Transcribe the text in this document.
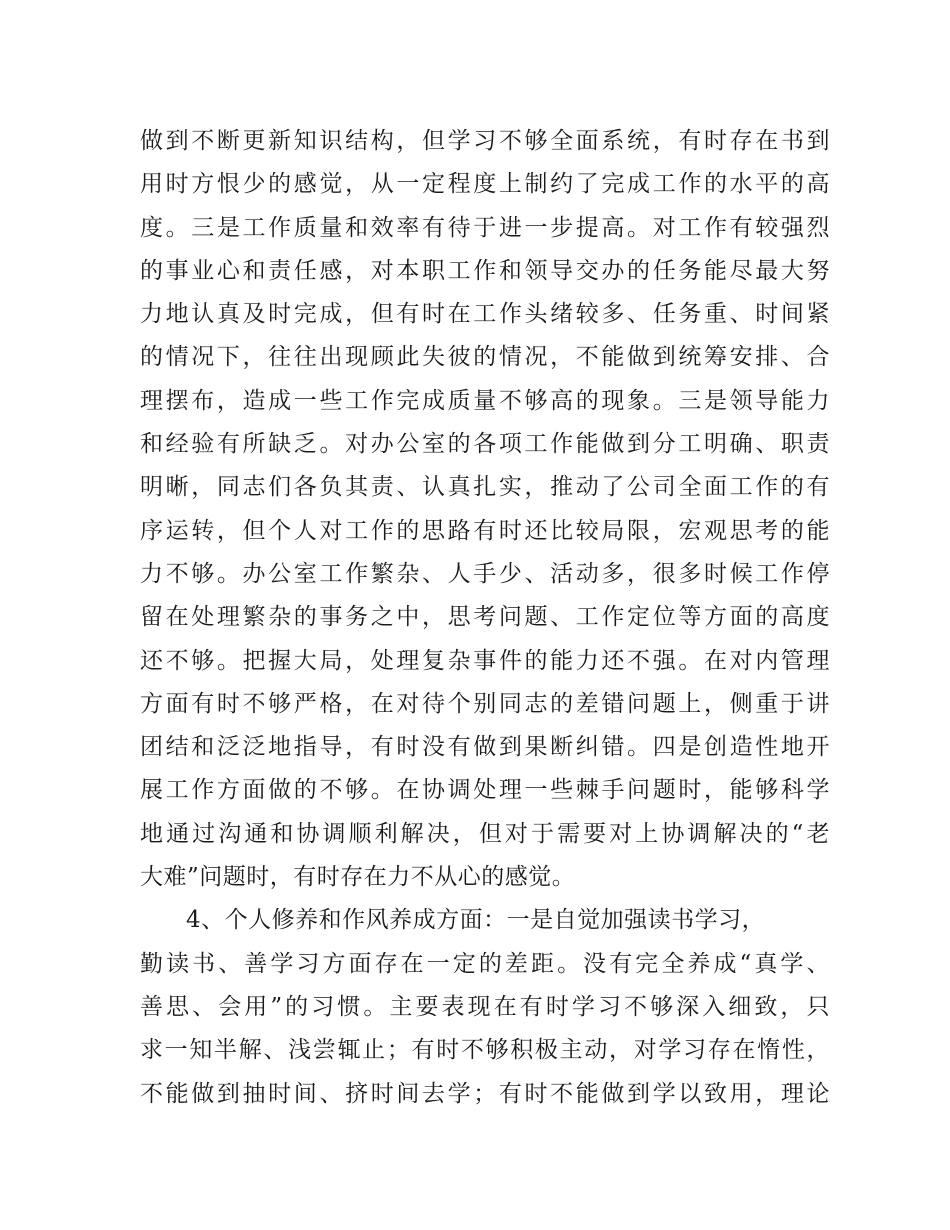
做到不断更新知识结构，但学习不够全面系统，有时存在书到
用时方恨少的感觉，从一定程度上制约了完成工作的水平的高
度。三是工作质量和效率有待于进一步提高。对工作有较强烈
的事业心和责任感，对本职工作和领导交办的任务能尽最大努
力地认真及时完成，但有时在工作头绪较多、任务重、时间紧
的情况下，往往出现顾此失彼的情况，不能做到统筹安排、合
理摆布，造成一些工作完成质量不够高的现象。三是领导能力
和经验有所缺乏。对办公室的各项工作能做到分工明确、职责
明晰，同志们各负其责、认真扎实，推动了公司全面工作的有
序运转，但个人对工作的思路有时还比较局限，宏观思考的能
力不够。办公室工作繁杂、人手少、活动多，很多时候工作停
留在处理繁杂的事务之中，思考问题、工作定位等方面的高度
还不够。把握大局，处理复杂事件的能力还不强。在对内管理
方面有时不够严格，在对待个别同志的差错问题上，侧重于讲
团结和泛泛地指导，有时没有做到果断纠错。四是创造性地开
展工作方面做的不够。在协调处理一些棘手问题时，能够科学
地通过沟通和协调顺利解决，但对于需要对上协调解决的“老
大难”问题时，有时存在力不从心的感觉。
4、个人修养和作风养成方面：一是自觉加强读书学习，
勤读书、善学习方面存在一定的差距。没有完全养成“真学、
善思、会用”的习惯。主要表现在有时学习不够深入细致，只
求一知半解、浅尝辄止；有时不够积极主动，对学习存在惰性，
不能做到抽时间、挤时间去学；有时不能做到学以致用，理论
